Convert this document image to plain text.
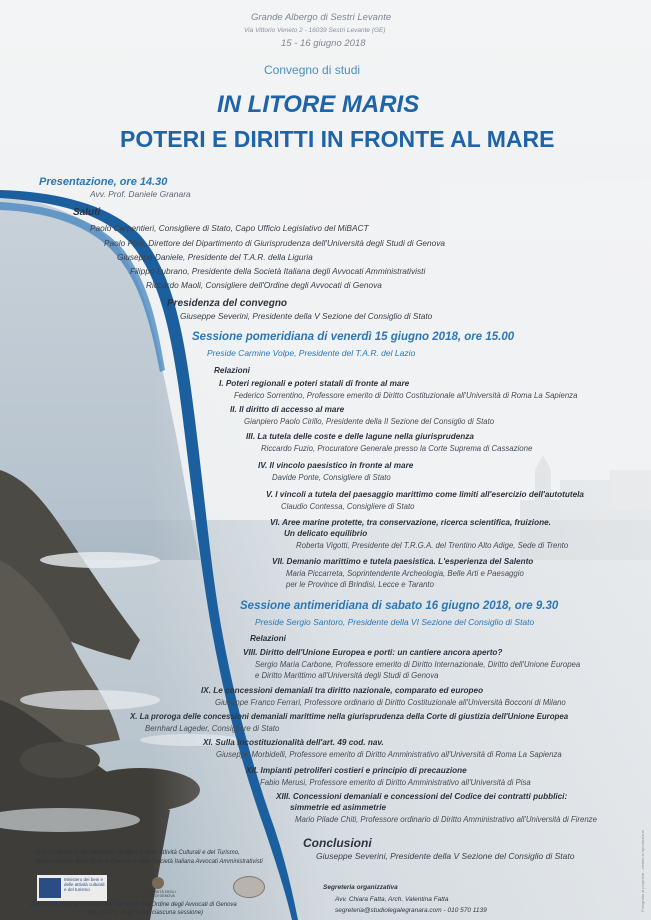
Grande Albergo di Sestri Levante
Via Vittorio Veneto 2 - 16039 Sestri Levante (GE)
15 - 16 giugno 2018
Convegno di studi
IN LITORE MARIS
POTERI E DIRITTI IN FRONTE AL MARE
Presentazione, ore 14.30
Avv. Prof. Daniele Granara
Saluti
Paolo Carpentieri, Consigliere di Stato, Capo Ufficio Legislativo del MiBACT
Paolo Pisa, Direttore del Dipartimento di Giurisprudenza dell'Università degli Studi di Genova
Giuseppe Daniele, Presidente del T.A.R. della Liguria
Filippo Lubrano, Presidente della Società Italiana degli Avvocati Amministrativisti
Riccardo Maoli, Consigliere dell'Ordine degli Avvocati di Genova
Presidenza del convegno
Giuseppe Severini, Presidente della V Sezione del Consiglio di Stato
Sessione pomeridiana di venerdì 15 giugno 2018, ore 15.00
Preside Carmine Volpe, Presidente del T.A.R. del Lazio
Relazioni
I. Poteri regionali e poteri statali di fronte al mare
Federico Sorrentino, Professore emerito di Diritto Costituzionale all'Università di Roma La Sapienza
II. Il diritto di accesso al mare
Gianpiero Paolo Cirillo, Presidente della II Sezione del Consiglio di Stato
III. La tutela delle coste e delle lagune nella giurisprudenza
Riccardo Fuzio, Procuratore Generale presso la Corte Suprema di Cassazione
IV. Il vincolo paesistico in fronte al mare
Davide Ponte, Consigliere di Stato
V. I vincoli a tutela del paesaggio marittimo come limiti all'esercizio dell'autotutela
Claudio Contessa, Consigliere di Stato
VI. Aree marine protette, tra conservazione, ricerca scientifica, fruizione.
Un delicato equilibrio
Roberta Vigotti, Presidente del T.R.G.A. del Trentino Alto Adige, Sede di Trento
VII. Demanio marittimo e tutela paesistica. L'esperienza del Salento
Maria Piccarreta, Soprintendente Archeologia, Belle Arti e Paesaggio
per le Province di Brindisi, Lecce e Taranto
Sessione antimeridiana di sabato 16 giugno 2018, ore 9.30
Preside Sergio Santoro, Presidente della VI Sezione del Consiglio di Stato
Relazioni
VIII. Diritto dell'Unione Europea e porti: un cantiere ancora aperto?
Sergio Maria Carbone, Professore emerito di Diritto Internazionale, Diritto dell'Unione Europea
e Diritto Marittimo all'Università degli Studi di Genova
IX. Le concessioni demaniali tra diritto nazionale, comparato ed europeo
Giuseppe Franco Ferrari, Professore ordinario di Diritto Costituzionale all'Università Bocconi di Milano
X. La proroga delle concessioni demaniali marittime nella giurisprudenza della Corte di giustizia dell'Unione Europea
Bernhard Lageder, Consigliere di Stato
XI. Sulla incostituzionalità dell'art. 49 cod. nav.
Giuseppe Morbidelli, Professore emerito di Diritto Amministrativo all'Università di Roma La Sapienza
XII. Impianti petroliferi costieri e principio di precauzione
Fabio Merusi, Professore emerito di Diritto Amministrativo all'Università di Pisa
XIII. Concessioni demaniali e concessioni del Codice dei contratti pubblici:
simmetrie ed asimmetrie
Mario Pilade Chiti, Professore ordinario di Diritto Amministrativo all'Università di Firenze
Conclusioni
Giuseppe Severini, Presidente della V Sezione del Consiglio di Stato
Con il patrocinio del Ministero dei Beni e delle Attività Culturali e del Turismo,
dell'Università degli Studi di Genova e della Società Italiana Avvocati Amministrativisti
Ministero dei beni e delle attività culturali e del turismo	UNIVERSITÀ DEGLI STUDI DI GENOVA
L'evento è stato accreditato dal Consiglio dell'Ordine degli Avvocati di Genova
per 10 CFU (4 CFU per ciascuna sessione)
Segreteria organizzativa
Avv. Chiara Fatta, Arch. Valentina Fatta
segreteria@studiolegalegranara.com - 010 570 1139	Fotografia di proprietà - vietata la riproduzione
